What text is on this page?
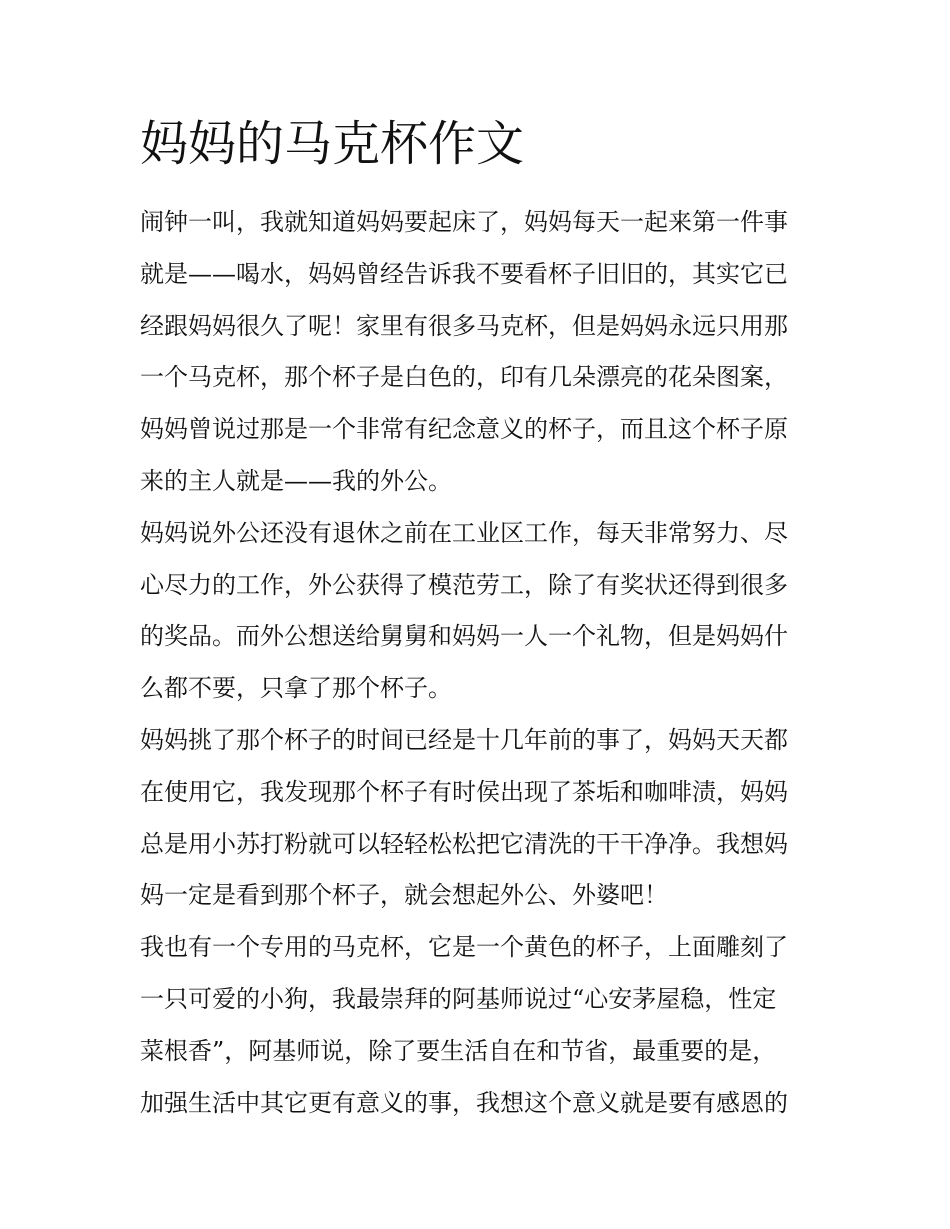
妈妈的马克杯作文
闹钟一叫，我就知道妈妈要起床了，妈妈每天一起来第一件事
就是——喝水，妈妈曾经告诉我不要看杯子旧旧的，其实它已
经跟妈妈很久了呢！家里有很多马克杯，但是妈妈永远只用那
一个马克杯，那个杯子是白色的，印有几朵漂亮的花朵图案，
妈妈曾说过那是一个非常有纪念意义的杯子，而且这个杯子原
来的主人就是——我的外公。
妈妈说外公还没有退休之前在工业区工作，每天非常努力、尽
心尽力的工作，外公获得了模范劳工，除了有奖状还得到很多
的奖品。而外公想送给舅舅和妈妈一人一个礼物，但是妈妈什
么都不要，只拿了那个杯子。
妈妈挑了那个杯子的时间已经是十几年前的事了，妈妈天天都
在使用它，我发现那个杯子有时侯出现了茶垢和咖啡渍，妈妈
总是用小苏打粉就可以轻轻松松把它清洗的干干净净。我想妈
妈一定是看到那个杯子，就会想起外公、外婆吧！
我也有一个专用的马克杯，它是一个黄色的杯子，上面雕刻了
一只可爱的小狗，我最崇拜的阿基师说过“心安茅屋稳，性定
菜根香”，阿基师说，除了要生活自在和节省，最重要的是，
加强生活中其它更有意义的事，我想这个意义就是要有感恩的
